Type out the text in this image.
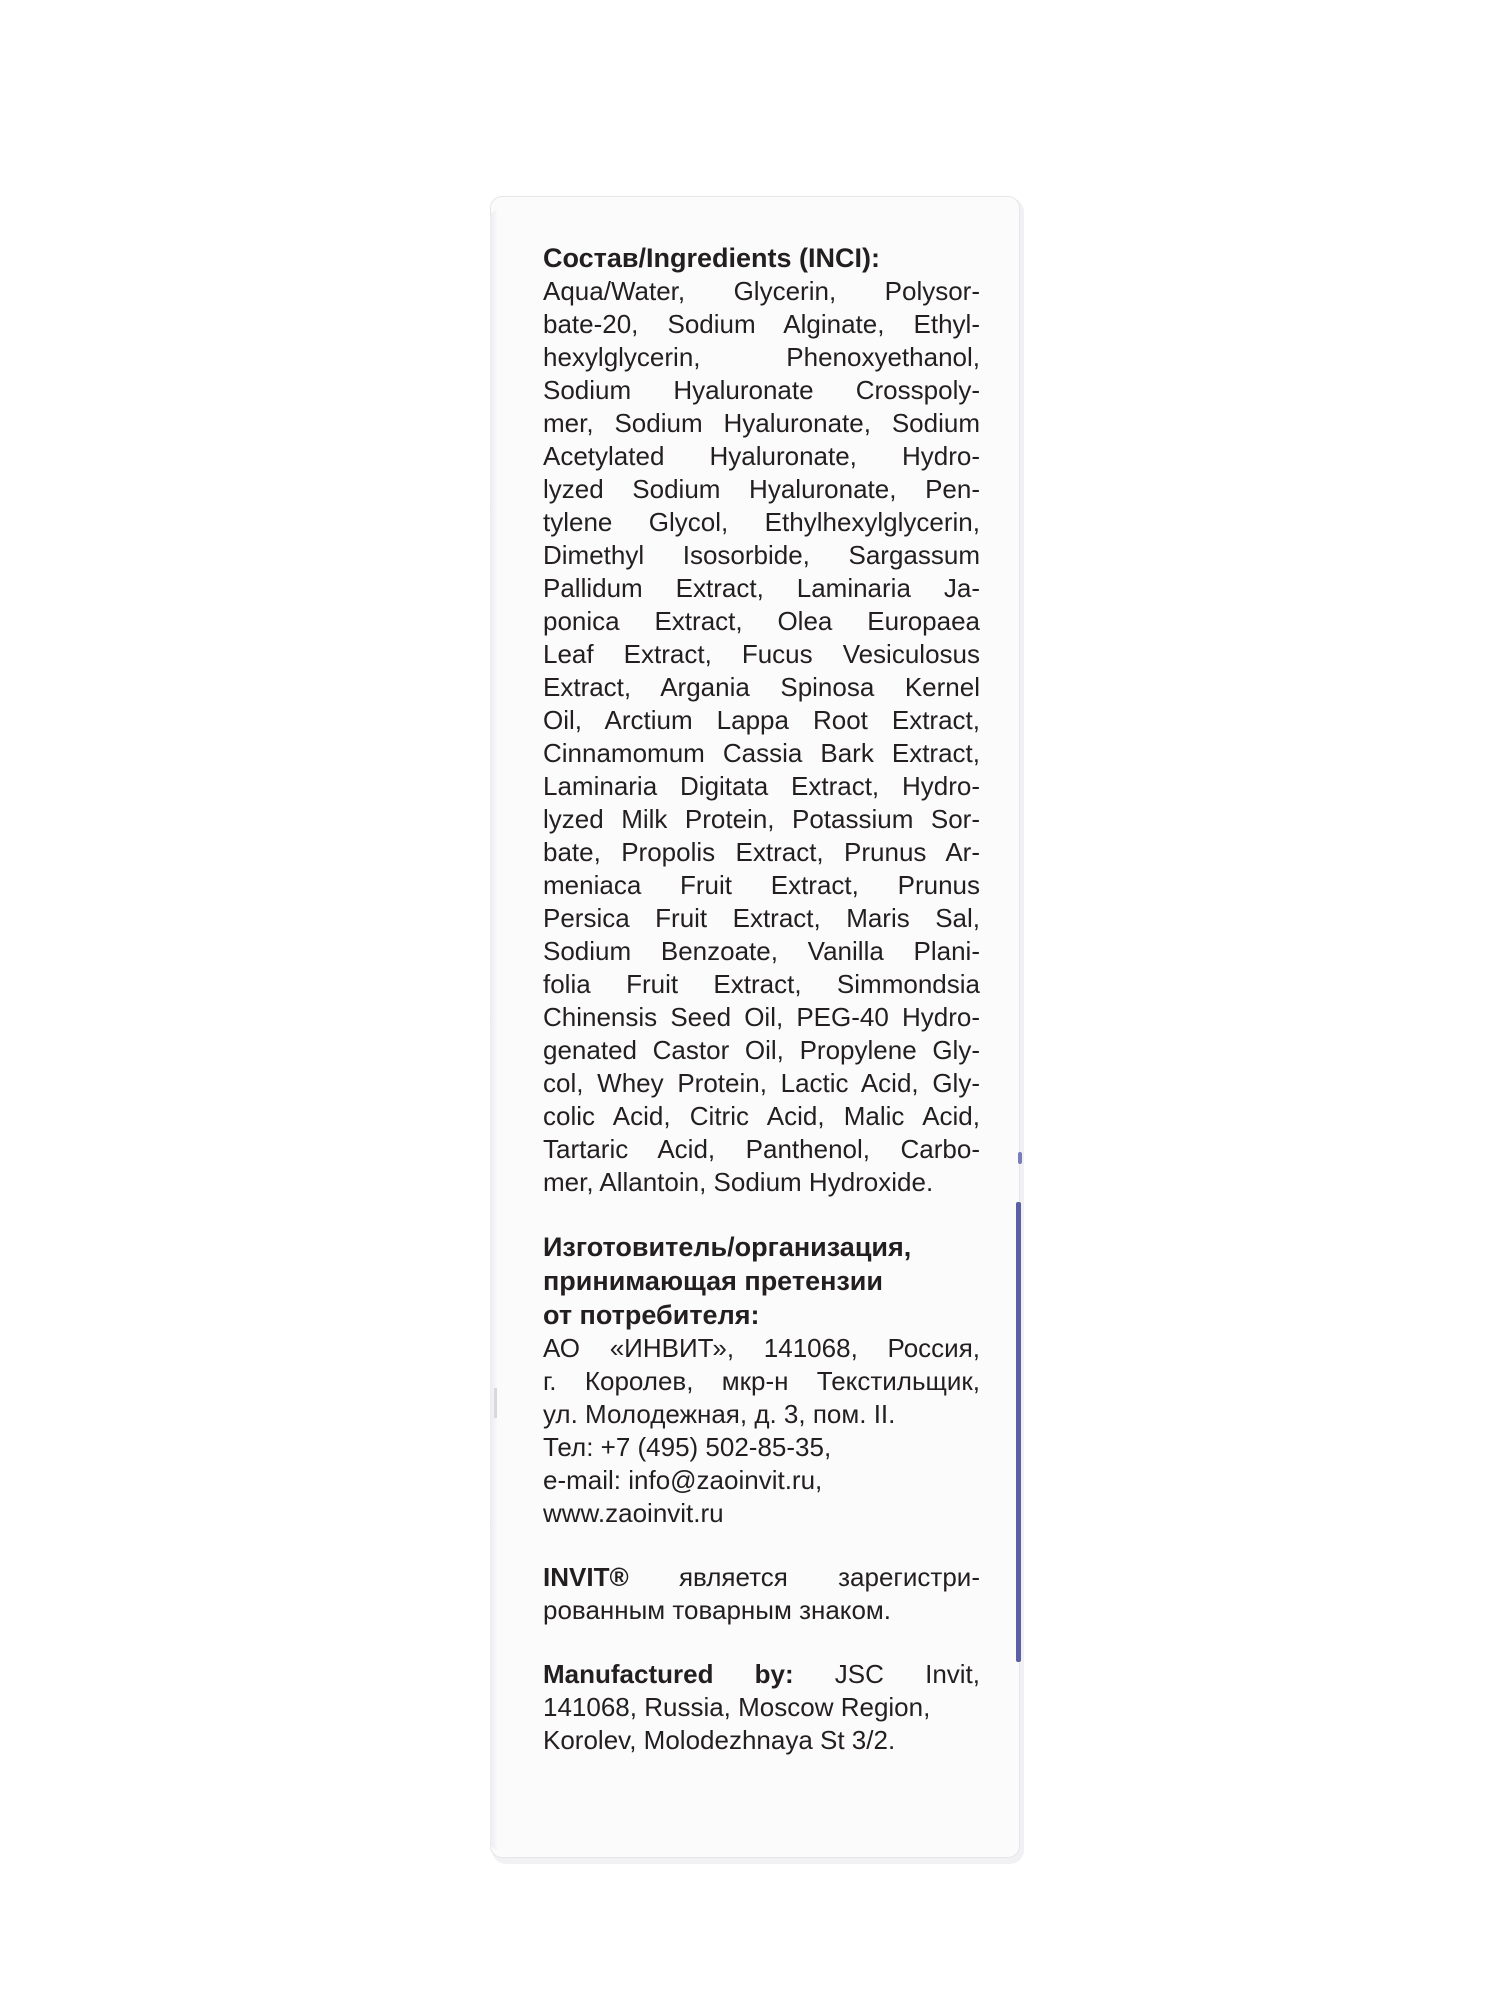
Состав/Ingredients (INCI):

Aqua/Water, Glycerin, Polysor-
bate-20, Sodium Alginate, Ethyl-
hexylglycerin, Phenoxyethanol,
Sodium Hyaluronate Crosspoly-
mer, Sodium Hyaluronate, Sodium
Acetylated Hyaluronate, Hydro-
lyzed Sodium Hyaluronate, Pen-
tylene Glycol, Ethylhexylglycerin,
Dimethyl Isosorbide, Sargassum
Pallidum Extract, Laminaria Ja-
ponica Extract, Olea Europaea
Leaf Extract, Fucus Vesiculosus
Extract, Argania Spinosa Kernel
Oil, Arctium Lappa Root Extract,
Cinnamomum Cassia Bark Extract,
Laminaria Digitata Extract, Hydro-
lyzed Milk Protein, Potassium Sor-
bate, Propolis Extract, Prunus Ar-
meniaca Fruit Extract, Prunus
Persica Fruit Extract, Maris Sal,
Sodium Benzoate, Vanilla Plani-
folia Fruit Extract, Simmondsia
Chinensis Seed Oil, PEG-40 Hydro-
genated Castor Oil, Propylene Gly-
col, Whey Protein, Lactic Acid, Gly-
colic Acid, Citric Acid, Malic Acid,
Tartaric Acid, Panthenol, Carbo-
mer, Allantoin, Sodium Hydroxide.

Изготовитель/организация,

принимающая претензии

от потребителя:

АО «ИНВИТ», 141068, Россия,
г. Королев, мкр-н Текстильщик,
ул. Молодежная, д. 3, пом. II.
Тел: +7 (495) 502-85-35,
e-mail: info@zaoinvit.ru,
www.zaoinvit.ru
INVIT® является зарегистри-
рованным товарным знаком.
Manufactured by: JSC Invit,
141068, Russia, Moscow Region,
Korolev, Molodezhnaya St 3/2.
